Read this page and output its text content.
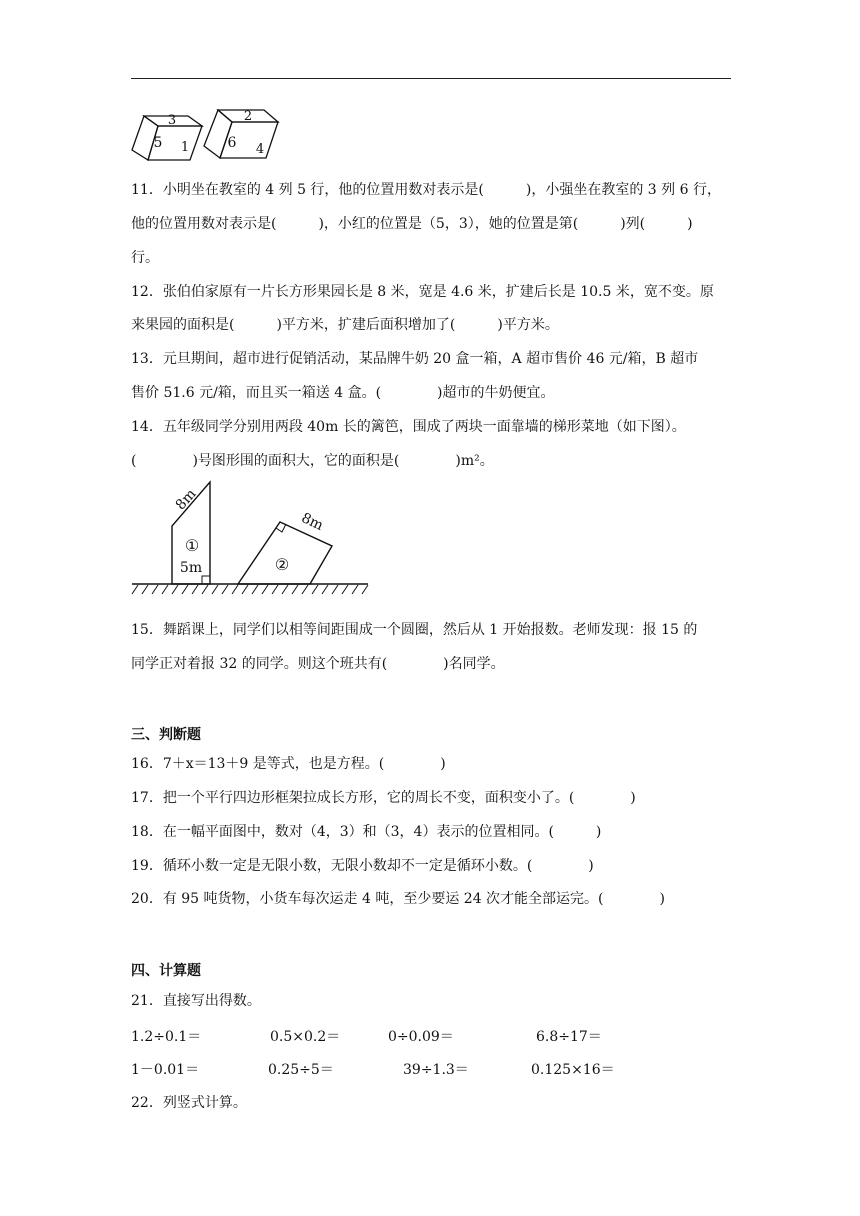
3
5 1
2
6 4
11．小明坐在教室的 4 列 5 行，他的位置用数对表示是(　　　)，小强坐在教室的 3 列 6 行，
他的位置用数对表示是(　　　)，小红的位置是（5，3），她的位置是第(　　　)列(　　　)
行。
12．张伯伯家原有一片长方形果园长是 8 米，宽是 4.6 米，扩建后长是 10.5 米，宽不变。原
来果园的面积是(　　　)平方米，扩建后面积增加了(　　　)平方米。
13．元旦期间，超市进行促销活动，某品牌牛奶 20 盒一箱，A 超市售价 46 元/箱，B 超市
售价 51.6 元/箱，而且买一箱送 4 盒。(　　　　)超市的牛奶便宜。
14．五年级同学分别用两段 40m 长的篱笆，围成了两块一面靠墙的梯形菜地（如下图）。
(　　　　)号图形围的面积大，它的面积是(　　　　)m²。
8m
①
5m
8m
②
15．舞蹈课上，同学们以相等间距围成一个圆圈，然后从 1 开始报数。老师发现：报 15 的
同学正对着报 32 的同学。则这个班共有(　　　　)名同学。
三、判断题
16．7＋x＝13＋9 是等式，也是方程。(　　　　)
17．把一个平行四边形框架拉成长方形，它的周长不变，面积变小了。(　　　　)
18．在一幅平面图中，数对（4，3）和（3，4）表示的位置相同。(　　　)
19．循环小数一定是无限小数，无限小数却不一定是循环小数。(　　　　)
20．有 95 吨货物，小货车每次运走 4 吨，至少要运 24 次才能全部运完。(　　　　)
四、计算题
21．直接写出得数。
1.2÷0.1＝	0.5×0.2＝	0÷0.09＝	6.8÷17＝
1－0.01＝	0.25÷5＝	39÷1.3＝	0.125×16＝
22．列竖式计算。
